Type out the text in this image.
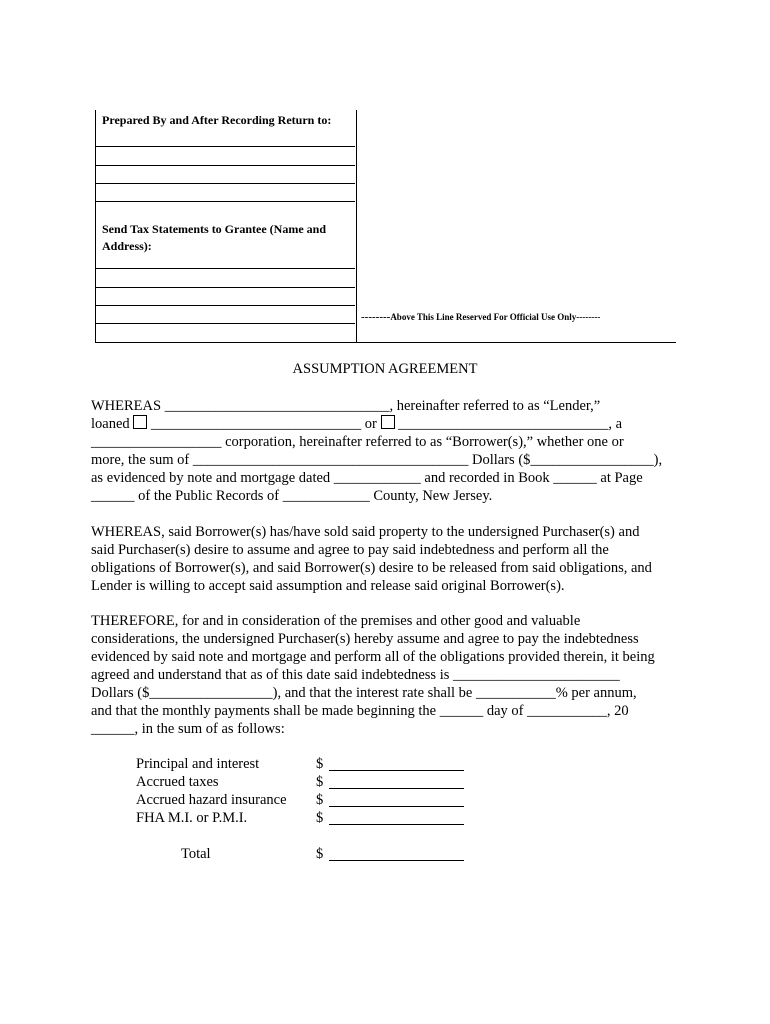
Prepared By and After Recording Return to:
Send Tax Statements to Grantee (Name and Address):
--------Above This Line Reserved For Official Use Only--------
ASSUMPTION AGREEMENT
WHEREAS _______________________________, hereinafter referred to as “Lender,”
loaned  _____________________________ or  _____________________________, a
__________________ corporation, hereinafter referred to as “Borrower(s),” whether one or
more, the sum of ______________________________________ Dollars ($_________________),
as evidenced by note and mortgage dated ____________ and recorded in Book ______ at Page
______ of the Public Records of ____________ County, New Jersey.
WHEREAS, said Borrower(s) has/have sold said property to the undersigned Purchaser(s) and
said Purchaser(s) desire to assume and agree to pay said indebtedness and perform all the
obligations of Borrower(s), and said Borrower(s) desire to be released from said obligations, and
Lender is willing to accept said assumption and release said original Borrower(s).
THEREFORE, for and in consideration of the premises and other good and valuable
considerations, the undersigned Purchaser(s) hereby assume and agree to pay the indebtedness
evidenced by said note and mortgage and perform all of the obligations provided therein, it being
agreed and understand that as of this date said indebtedness is _______________________
Dollars ($_________________), and that the interest rate shall be ___________% per annum,
and that the monthly payments shall be made beginning the ______ day of ___________, 20
______, in the sum of as follows:
Principal and interest	$
Accrued taxes	$
Accrued hazard insurance $
FHA M.I. or P.M.I.	$
Total	$
